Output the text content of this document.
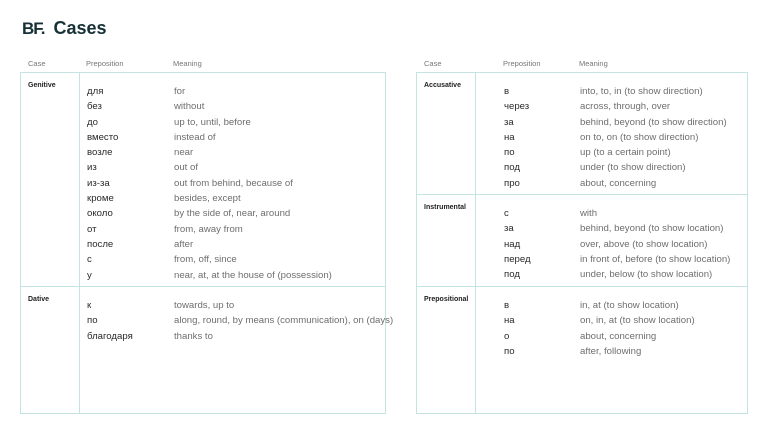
BF. Cases
Case	Preposition	Meaning
Genitive
для	for
без	without
до	up to, until, before
вместо	instead of
возле	near
из	out of
из-за	out from behind, because of
кроме	besides, except
около	by the side of, near, around
от	from, away from
после	after
с	from, off, since
у	near, at, at the house of (possession)
Dative
к	towards, up to
по	along, round, by means (communication), on (days)
благодаря	thanks to
Case	Preposition	Meaning
Accusative
в	into, to, in (to show direction)
через	across, through, over
за	behind, beyond (to show direction)
на	on to, on (to show direction)
по	up (to a certain point)
под	under (to show direction)
про	about, concerning
Instrumental
с	with
за	behind, beyond (to show location)
над	over, above (to show location)
перед	in front of, before (to show location)
под	under, below (to show location)
Prepositional
в	in, at (to show location)
на	on, in, at (to show location)
о	about, concerning
по	after, following
